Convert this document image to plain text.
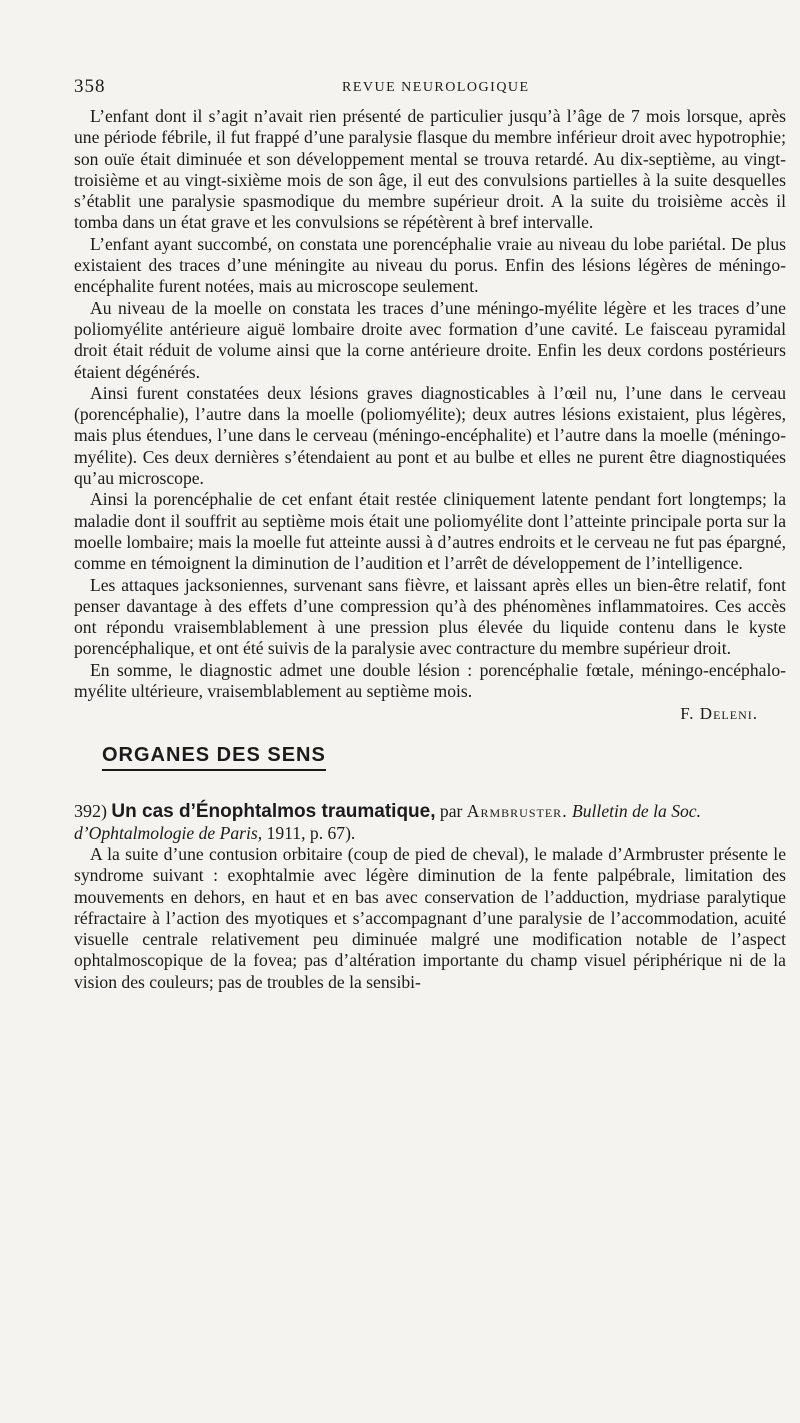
358	REVUE NEUROLOGIQUE

L’enfant dont il s’agit n’avait rien présenté de particulier jusqu’à l’âge de 7 mois lorsque, après une période fébrile, il fut frappé d’une paralysie flasque du membre inférieur droit avec hypotrophie; son ouïe était diminuée et son développement mental se trouva retardé. Au dix-septième, au vingt-troisième et au vingt-sixième mois de son âge, il eut des convulsions partielles à la suite desquelles s’établit une paralysie spasmodique du membre supérieur droit. A la suite du troisième accès il tomba dans un état grave et les convulsions se répétèrent à bref intervalle.

L’enfant ayant succombé, on constata une porencéphalie vraie au niveau du lobe pariétal. De plus existaient des traces d’une méningite au niveau du porus. Enfin des lésions légères de méningo-encéphalite furent notées, mais au microscope seulement.

Au niveau de la moelle on constata les traces d’une méningo-myélite légère et les traces d’une poliomyélite antérieure aiguë lombaire droite avec formation d’une cavité. Le faisceau pyramidal droit était réduit de volume ainsi que la corne antérieure droite. Enfin les deux cordons postérieurs étaient dégénérés.

Ainsi furent constatées deux lésions graves diagnosticables à l’œil nu, l’une dans le cerveau (porencéphalie), l’autre dans la moelle (poliomyélite); deux autres lésions existaient, plus légères, mais plus étendues, l’une dans le cerveau (méningo-encéphalite) et l’autre dans la moelle (méningo-myélite). Ces deux dernières s’étendaient au pont et au bulbe et elles ne purent être diagnostiquées qu’au microscope.

Ainsi la porencéphalie de cet enfant était restée cliniquement latente pendant fort longtemps; la maladie dont il souffrit au septième mois était une poliomyélite dont l’atteinte principale porta sur la moelle lombaire; mais la moelle fut atteinte aussi à d’autres endroits et le cerveau ne fut pas épargné, comme en témoignent la diminution de l’audition et l’arrêt de développement de l’intelligence.

Les attaques jacksoniennes, survenant sans fièvre, et laissant après elles un bien-être relatif, font penser davantage à des effets d’une compression qu’à des phénomènes inflammatoires. Ces accès ont répondu vraisemblablement à une pression plus élevée du liquide contenu dans le kyste porencéphalique, et ont été suivis de la paralysie avec contracture du membre supérieur droit.

En somme, le diagnostic admet une double lésion : porencéphalie fœtale, méningo-encéphalo-myélite ultérieure, vraisemblablement au septième mois.

F. Deleni.
ORGANES DES SENS
392) Un cas d’Énophtalmos traumatique, par Armbruster. Bulletin de la Soc. d’Ophtalmologie de Paris, 1911, p. 67).

A la suite d’une contusion orbitaire (coup de pied de cheval), le malade d’Armbruster présente le syndrome suivant : exophtalmie avec légère diminution de la fente palpébrale, limitation des mouvements en dehors, en haut et en bas avec conservation de l’adduction, mydriase paralytique réfractaire à l’action des myotiques et s’accompagnant d’une paralysie de l’accommodation, acuité visuelle centrale relativement peu diminuée malgré une modification notable de l’aspect ophtalmoscopique de la fovea; pas d’altération importante du champ visuel périphérique ni de la vision des couleurs; pas de troubles de la sensibi-
